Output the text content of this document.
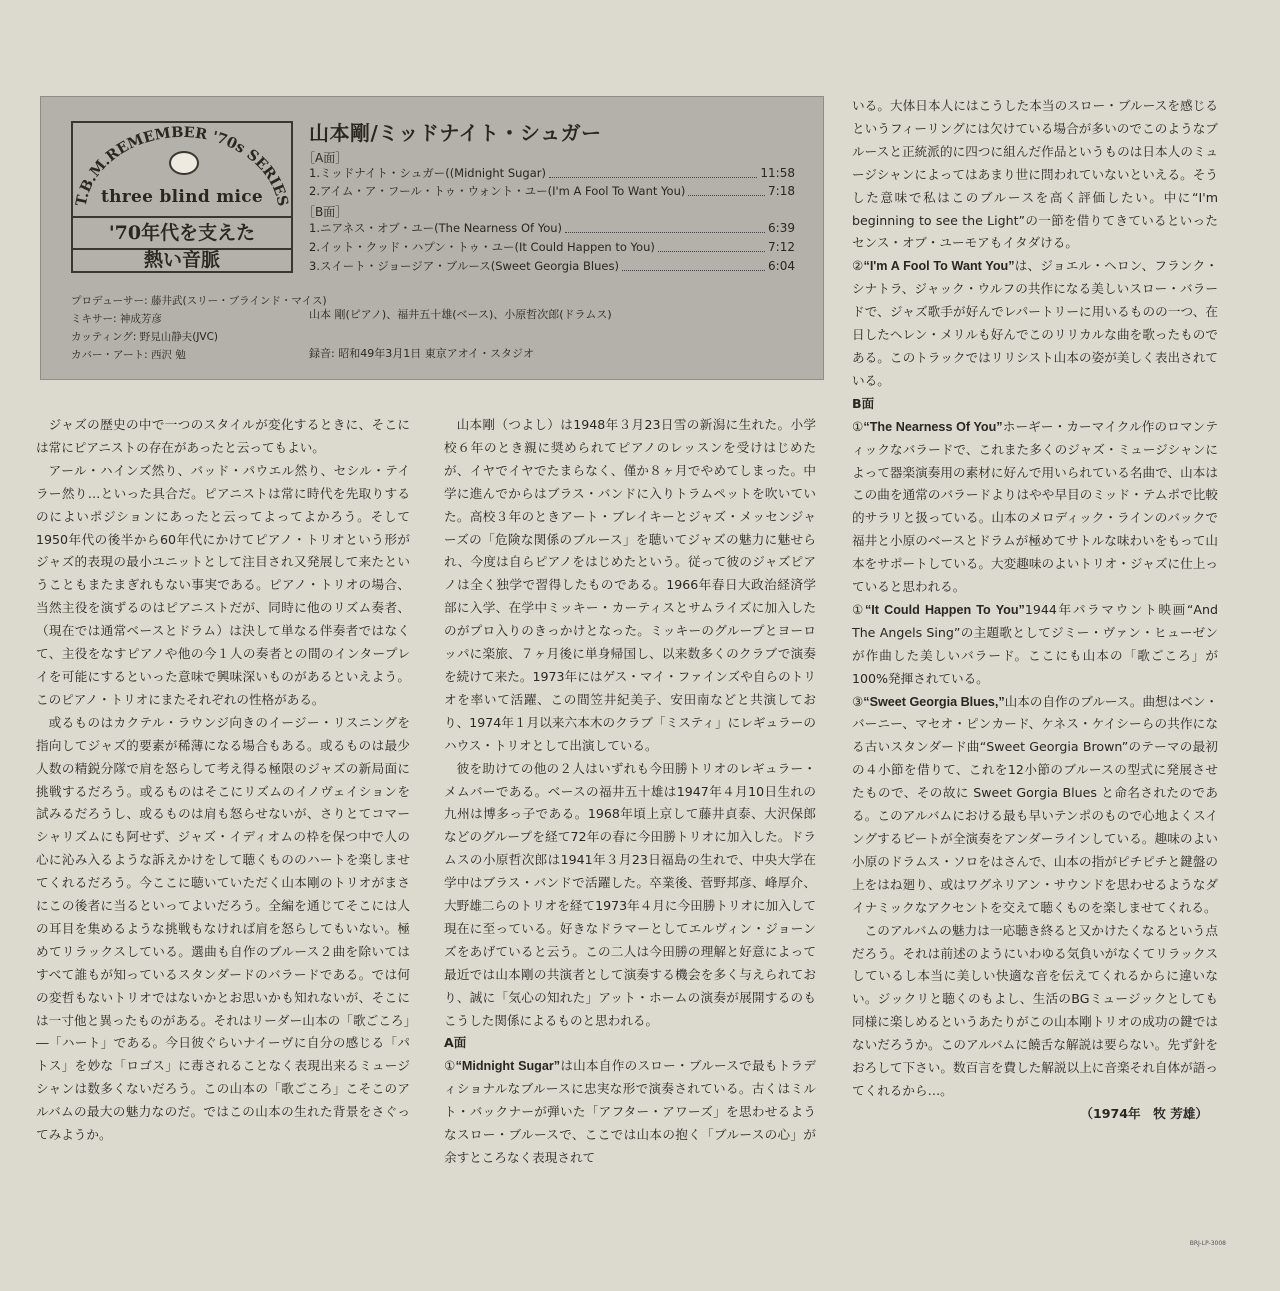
T.B.M.REMEMBER '70s SERIES
three blind mice
'70年代を支えた
熱い音脈
山本剛/ミッドナイト・シュガー
［A面］
1.ミッドナイト・シュガー((Midnight Sugar)	11:58
2.アイム・ア・フール・トゥ・ウォント・ユー(I'm A Fool To Want You)	7:18
［B面］
1.ニアネス・オブ・ユー(The Nearness Of You)	6:39
2.イット・クッド・ハプン・トゥ・ユー(It Could Happen to You)	7:12
3.スイート・ジョージア・ブルース(Sweet Georgia Blues)	6:04
プロデューサー: 藤井武(スリー・ブラインド・マイス)
ミキサー: 神成芳彦
カッティング: 野見山静夫(JVC)
カバー・アート: 西沢 勉
山本 剛(ピアノ)、福井五十雄(ベース)、小原哲次郎(ドラムス)
録音: 昭和49年3月1日 東京アオイ・スタジオ

ジャズの歴史の中で一つのスタイルが変化するときに、そこには常にピアニストの存在があったと云ってもよい。

アール・ハインズ然り、バッド・パウエル然り、セシル・テイラー然り…といった具合だ。ピアニストは常に時代を先取りするのによいポジションにあったと云ってよってよかろう。そして1950年代の後半から60年代にかけてピアノ・トリオという形がジャズ的表現の最小ユニットとして注目され又発展して来たということもまたまぎれもない事実である。ピアノ・トリオの場合、当然主役を演ずるのはピアニストだが、同時に他のリズム奏者、（現在では通常ベースとドラム）は決して単なる伴奏者ではなくて、主役をなすピアノや他の今１人の奏者との間のインタープレイを可能にするといった意味で興味深いものがあるといえよう。このピアノ・トリオにまたそれぞれの性格がある。

或るものはカクテル・ラウンジ向きのイージー・リスニングを指向してジャズ的要素が稀薄になる場合もある。或るものは最少人数の精鋭分隊で肩を怒らして考え得る極限のジャズの新局面に挑戦するだろう。或るものはそこにリズムのイノヴェイションを試みるだろうし、或るものは肩も怒らせないが、さりとてコマーシャリズムにも阿せず、ジャズ・イディオムの枠を保つ中で人の心に沁み入るような訴えかけをして聴くもののハートを楽しませてくれるだろう。今ここに聴いていただく山本剛のトリオがまさにこの後者に当るといってよいだろう。全編を通じてそこには人の耳目を集めるような挑戦もなければ肩を怒らしてもいない。極めてリラックスしている。選曲も自作のブルース２曲を除いてはすべて誰もが知っているスタンダードのバラードである。では何の変哲もないトリオではないかとお思いかも知れないが、そこには一寸他と異ったものがある。それはリーダー山本の「歌ごころ」―「ハート」である。今日彼ぐらいナイーヴに自分の感じる「パトス」を妙な「ロゴス」に毒されることなく表現出来るミュージシャンは数多くないだろう。この山本の「歌ごころ」こそこのアルバムの最大の魅力なのだ。ではこの山本の生れた背景をさぐってみようか。

山本剛（つよし）は1948年３月23日雪の新潟に生れた。小学校６年のとき親に奨められてピアノのレッスンを受けはじめたが、イヤでイヤでたまらなく、僅か８ヶ月でやめてしまった。中学に進んでからはブラス・バンドに入りトラムペットを吹いていた。高校３年のときアート・ブレイキーとジャズ・メッセンジャーズの「危険な関係のブルース」を聴いてジャズの魅力に魅せられ、今度は自らピアノをはじめたという。従って彼のジャズピアノは全く独学で習得したものである。1966年春日大政治経済学部に入学、在学中ミッキー・カーティスとサムライズに加入したのがプロ入りのきっかけとなった。ミッキーのグループとヨーロッパに楽旅、７ヶ月後に単身帰国し、以来数多くのクラブで演奏を続けて来た。1973年にはゲス・マイ・ファインズや自らのトリオを率いて活躍、この間笠井紀美子、安田南などと共演しており、1974年１月以来六本木のクラブ「ミスティ」にレギュラーのハウス・トリオとして出演している。

彼を助けての他の２人はいずれも今田勝トリオのレギュラー・メムバーである。ベースの福井五十雄は1947年４月10日生れの九州は博多っ子である。1968年頃上京して藤井貞泰、大沢保郎などのグループを経て72年の春に今田勝トリオに加入した。ドラムスの小原哲次郎は1941年３月23日福島の生れで、中央大学在学中はブラス・バンドで活躍した。卒業後、菅野邦彦、峰厚介、大野雄二らのトリオを経て1973年４月に今田勝トリオに加入して現在に至っている。好きなドラマーとしてエルヴィン・ジョーンズをあげていると云う。この二人は今田勝の理解と好意によって最近では山本剛の共演者として演奏する機会を多く与えられており、誠に「気心の知れた」アット・ホームの演奏が展開するのもこうした関係によるものと思われる。

A面

①“Midnight Sugar”は山本自作のスロー・ブルースで最もトラディショナルなブルースに忠実な形で演奏されている。古くはミルト・バックナーが弾いた「アフター・アワーズ」を思わせるようなスロー・ブルースで、ここでは山本の抱く「ブルースの心」が余すところなく表現されて

いる。大体日本人にはこうした本当のスロー・ブルースを感じるというフィーリングには欠けている場合が多いのでこのようなブルースと正統派的に四つに組んだ作品というものは日本人のミュージシャンによってはあまり世に問われていないといえる。そうした意味で私はこのブルースを高く評価したい。中に“I'm beginning to see the Light”の一節を借りてきているといったセンス・オブ・ユーモアもイタダける。

②“I'm A Fool To Want You”は、ジョエル・ヘロン、フランク・シナトラ、ジャック・ウルフの共作になる美しいスロー・バラードで、ジャズ歌手が好んでレパートリーに用いるものの一つ、在日したヘレン・メリルも好んでこのリリカルな曲を歌ったものである。このトラックではリリシスト山本の姿が美しく表出されている。

B面

①“The Nearness Of You”ホーギー・カーマイクル作のロマンティックなバラードで、これまた多くのジャズ・ミュージシャンによって器楽演奏用の素材に好んで用いられている名曲で、山本はこの曲を通常のバラードよりはやや早目のミッド・テムポで比較的サラリと扱っている。山本のメロディック・ラインのバックで福井と小原のベースとドラムが極めてサトルな味わいをもって山本をサポートしている。大変趣味のよいトリオ・ジャズに仕上っていると思われる。

①“It Could Happen To You”1944年パラマウント映画“And The Angels Sing”の主題歌としてジミー・ヴァン・ヒューゼンが作曲した美しいバラード。ここにも山本の「歌ごころ」が100%発揮されている。

③“Sweet Georgia Blues,”山本の自作のブルース。曲想はベン・バーニー、マセオ・ピンカード、ケネス・ケイシーらの共作になる古いスタンダード曲“Sweet Georgia Brown”のテーマの最初の４小節を借りて、これを12小節のブルースの型式に発展させたもので、その故に Sweet Gorgia Blues と命名されたのである。このアルバムにおける最も早いテンポのもので心地よくスイングするビートが全演奏をアンダーラインしている。趣味のよい小原のドラムス・ソロをはさんで、山本の指がピチピチと鍵盤の上をはね廻り、或はワグネリアン・サウンドを思わせるようなダイナミックなアクセントを交えて聴くものを楽しませてくれる。

このアルバムの魅力は一応聴き終ると又かけたくなるという点だろう。それは前述のようにいわゆる気負いがなくてリラックスしているし本当に美しい快適な音を伝えてくれるからに違いない。ジックリと聴くのもよし、生活のBGミュージックとしても同様に楽しめるというあたりがこの山本剛トリオの成功の鍵ではないだろうか。このアルバムに饒舌な解説は要らない。先ず針をおろして下さい。数百言を費した解説以上に音楽それ自体が語ってくれるから…。

（1974年　牧 芳雄）

BRJ-LP-3008
